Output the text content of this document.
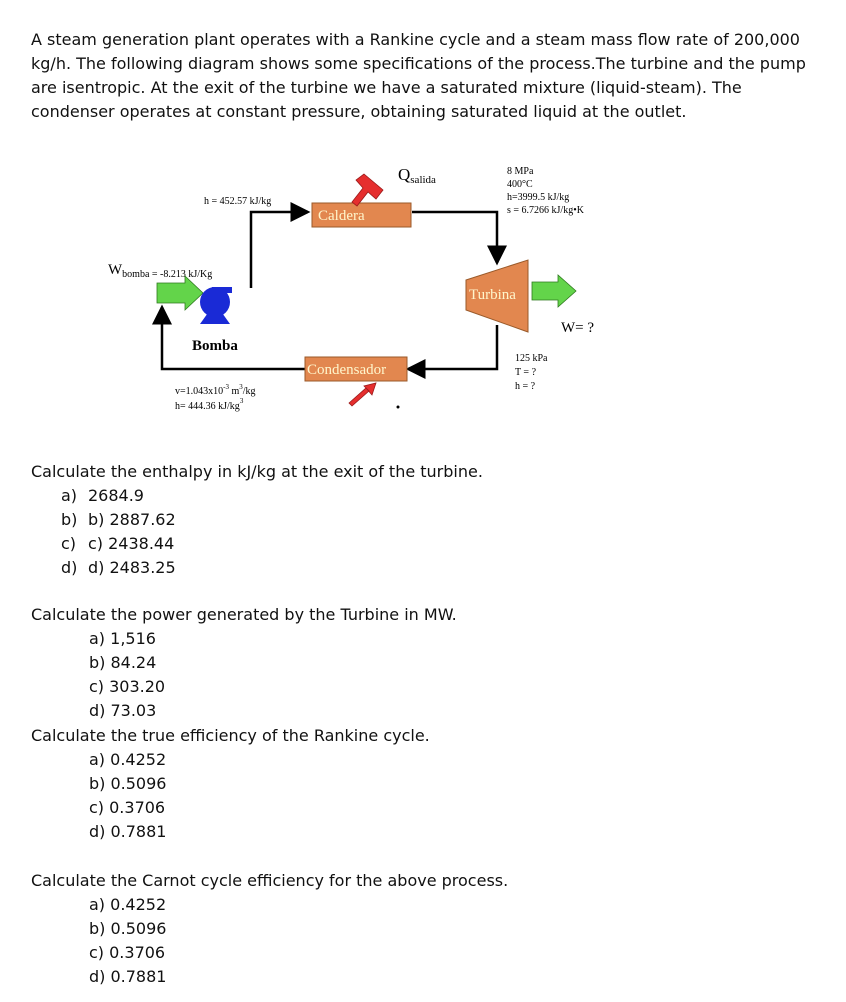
A steam generation plant operates with a Rankine cycle and a steam mass flow rate of 200,000 kg/h. The following diagram shows some specifications of the process.The turbine and the pump are isentropic. At the exit of the turbine we have a saturated mixture (liquid-steam). The condenser operates at constant pressure, obtaining saturated liquid at the outlet.

Caldera
Qsalida
8 MPa
400°C
h=3999.5 kJ/kg
s = 6.7266 kJ/kg•K
h = 452.57 kJ/kg
$W_{bomba} = -8.213$ kJ/Kg
Bomba
Turbina
W= ?
125 kPa
T = ?
h = ?
Condensador
$v=1.043x10^{-3}$ $m^3/kg$
h= 444.36 $kJ/kg^3$

Calculate the enthalpy in kJ/kg at the exit of the turbine.

a) 2684.9
b) b) 2887.62
c) c) 2438.44
d) d) 2483.25

Calculate the power generated by the Turbine in MW.

a) 1,516
b) 84.24
c) 303.20
d) 73.03

Calculate the true efficiency of the Rankine cycle.

a) 0.4252
b) 0.5096
c) 0.3706
d) 0.7881

Calculate the Carnot cycle efficiency for the above process.

a) 0.4252
b) 0.5096
c) 0.3706
d) 0.7881
